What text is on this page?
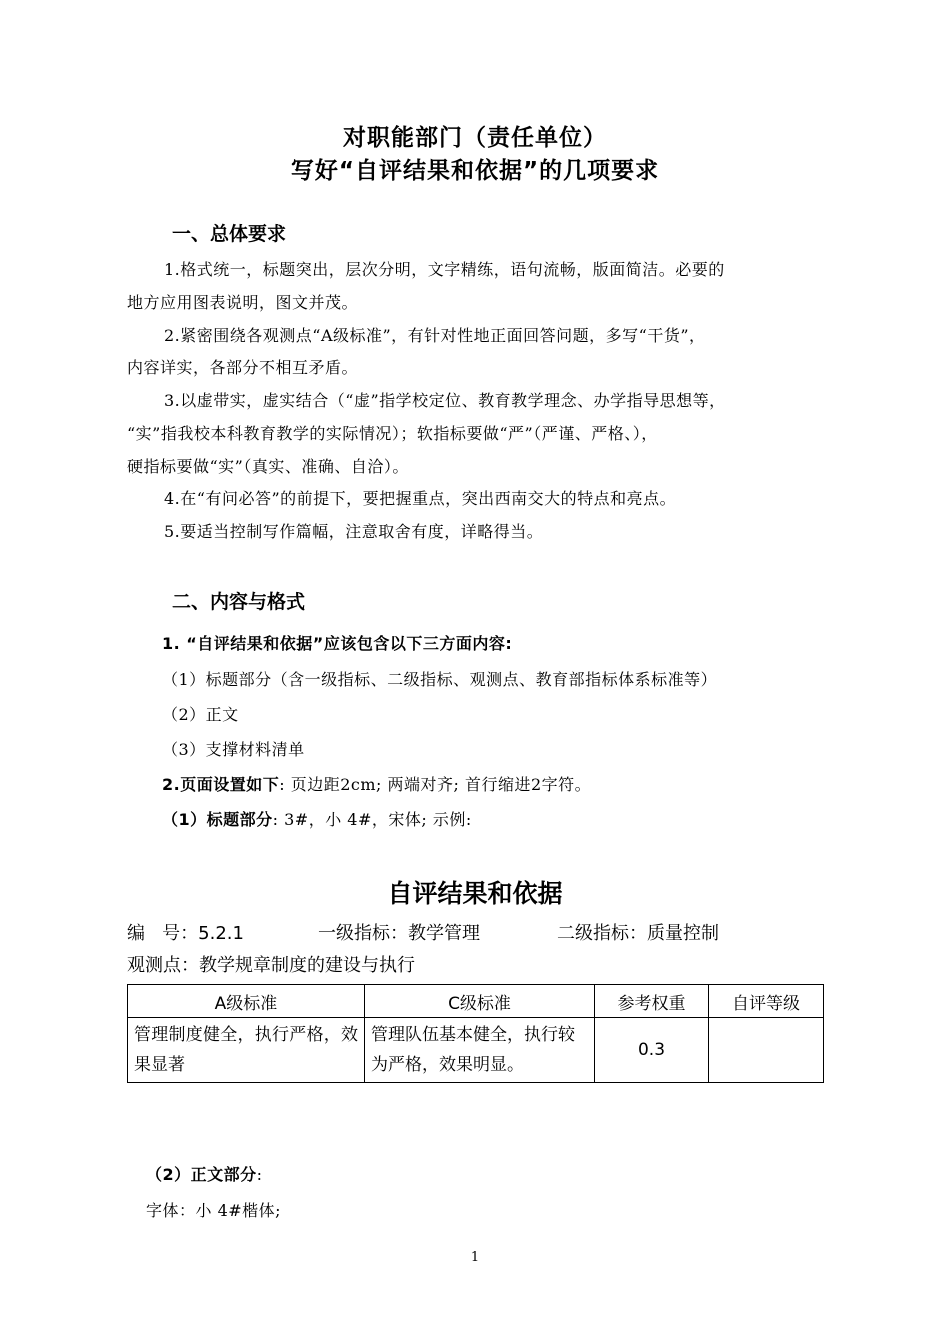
对职能部门（责任单位）
写好“自评结果和依据”的几项要求
一、总体要求
1.格式统一，标题突出，层次分明，文字精练，语句流畅，版面简洁。必要的
地方应用图表说明，图文并茂。
2.紧密围绕各观测点“A级标准”，有针对性地正面回答问题，多写“干货”，
内容详实，各部分不相互矛盾。
3.以虚带实，虚实结合（“虚”指学校定位、教育教学理念、办学指导思想等，
“实”指我校本科教育教学的实际情况）；软指标要做“严”（严谨、严格、），
硬指标要做“实”（真实、准确、自洽）。
4.在“有问必答”的前提下，要把握重点，突出西南交大的特点和亮点。
5.要适当控制写作篇幅，注意取舍有度，详略得当。
二、内容与格式
1. “自评结果和依据”应该包含以下三方面内容:
（1）标题部分（含一级指标、二级指标、观测点、教育部指标体系标准等）
（2）正文
（3）支撑材料清单
2.页面设置如下: 页边距2cm; 两端对齐; 首行缩进2字符。
（1）标题部分: 3#，小 4#，宋体; 示例:
自评结果和依据
编   号：5.2.1	一级指标：教学管理	二级指标：质量控制
观测点：教学规章制度的建设与执行
A级标准	C级标准	参考权重	自评等级
管理制度健全，执行严格，效果显著	管理队伍基本健全，执行较为严格，效果明显。	0.3	
（2）正文部分:
字体：小 4#楷体;
1
